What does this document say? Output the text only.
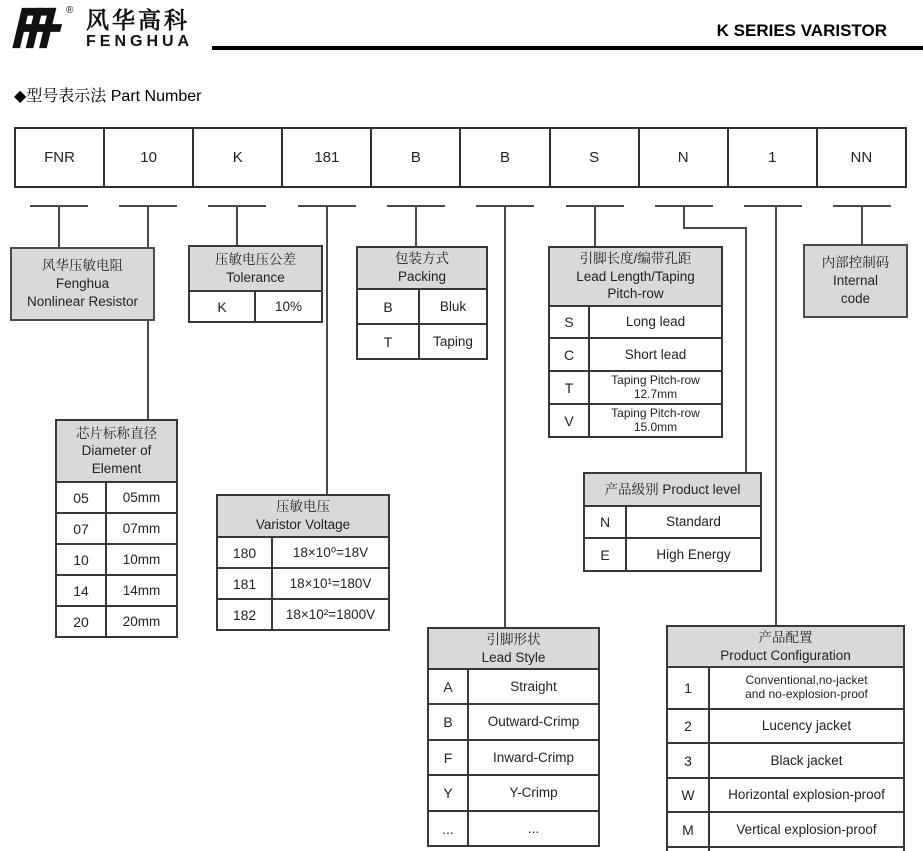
® 风华高科
FENGHUA
K SERIES VARISTOR
◆型号表示法 Part Number
FNR	10	K	181	B	B	S	N	1	NN
风华压敏电阻
Fenghua
Nonlinear Resistor
内部控制码
Internal
code
压敏电压公差
Tolerance
K	10%
包装方式
Packing
B	Bluk
T	Taping
引脚长度/编带孔距
Lead Length/Taping
Pitch-row
S	Long lead
C	Short lead
T	Taping Pitch-row
12.7mm
V	Taping Pitch-row
15.0mm
芯片标称直径
Diameter of
Element
05	05mm
07	07mm
10	10mm
14	14mm
20	20mm
压敏电压
Varistor Voltage
180	18×10⁰=18V
181	18×10¹=180V
182	18×10²=1800V
产品级别 Product level
N	Standard
E	High Energy
引脚形状
Lead Style
A	Straight
B	Outward-Crimp
F	Inward-Crimp
Y	Y-Crimp
...	...
产品配置
Product Configuration
1	Conventional,no-jacket
and no-explosion-proof
2	Lucency jacket
3	Black jacket
W	Horizontal explosion-proof
M	Vertical explosion-proof
